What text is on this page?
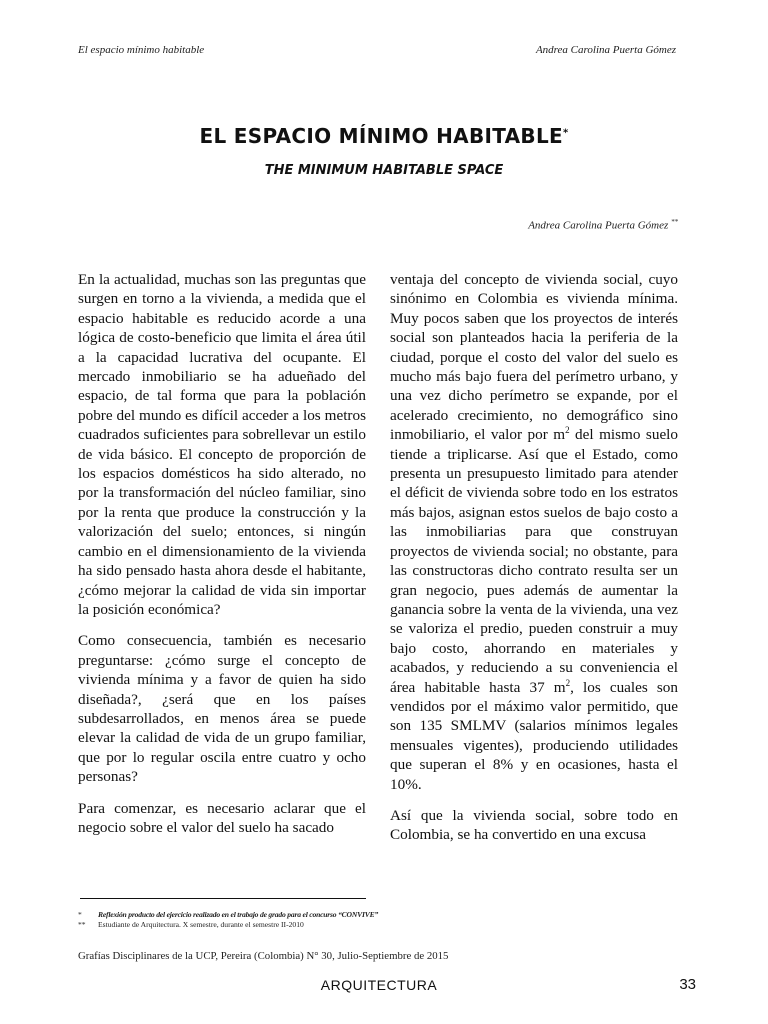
El espacio mínimo habitable	Andrea Carolina Puerta Gómez
EL ESPACIO MÍNIMO HABITABLE*
THE MINIMUM HABITABLE SPACE
Andrea Carolina Puerta Gómez **

En la actualidad, muchas son las preguntas que surgen en torno a la vivienda, a medida que el espacio habitable es reducido acorde a una lógica de costo-beneficio que limita el área útil a la capacidad lucrativa del ocupante. El mercado inmobiliario se ha adueñado del espacio, de tal forma que para la población pobre del mundo es difícil acceder a los metros cuadrados suficientes para sobrellevar un estilo de vida básico. El concepto de proporción de los espacios domésticos ha sido alterado, no por la transformación del núcleo familiar, sino por la renta que produce la construcción y la valorización del suelo; entonces, si ningún cambio en el dimensionamiento de la vivienda ha sido pensado hasta ahora desde el habitante, ¿cómo mejorar la calidad de vida sin importar la posición económica?

Como consecuencia, también es necesario preguntarse: ¿cómo surge el concepto de vivienda mínima y a favor de quien ha sido diseñada?, ¿será que en los países subdesarrollados, en menos área se puede elevar la calidad de vida de un grupo familiar, que por lo regular oscila entre cuatro y ocho personas?

Para comenzar, es necesario aclarar que el negocio sobre el valor del suelo ha sacado

ventaja del concepto de vivienda social, cuyo sinónimo en Colombia es vivienda mínima. Muy pocos saben que los proyectos de interés social son planteados hacia la periferia de la ciudad, porque el costo del valor del suelo es mucho más bajo fuera del perímetro urbano, y una vez dicho perímetro se expande, por el acelerado crecimiento, no demográfico sino inmobiliario, el valor por $m^2$ del mismo suelo tiende a triplicarse. Así que el Estado, como presenta un presupuesto limitado para atender el déficit de vivienda sobre todo en los estratos más bajos, asignan estos suelos de bajo costo a las inmobiliarias para que construyan proyectos de vivienda social; no obstante, para las constructoras dicho contrato resulta ser un gran negocio, pues además de aumentar la ganancia sobre la venta de la vivienda, una vez se valoriza el predio, pueden construir a muy bajo costo, ahorrando en materiales y acabados, y reduciendo a su conveniencia el área habitable hasta 37 $m^2$, los cuales son vendidos por el máximo valor permitido, que son 135 SMLMV (salarios mínimos legales mensuales vigentes), produciendo utilidades que superan el 8% y en ocasiones, hasta el 10%.

Así que la vivienda social, sobre todo en Colombia, se ha convertido en una excusa

*	Reflexión producto del ejercicio realizado en el trabajo de grado para el concurso “CONVIVE”
**	Estudiante de Arquitectura. X semestre, durante el semestre II-2010
Grafías Disciplinares de la UCP, Pereira (Colombia) N° 30, Julio-Septiembre de 2015
ARQUITECTURA	33
